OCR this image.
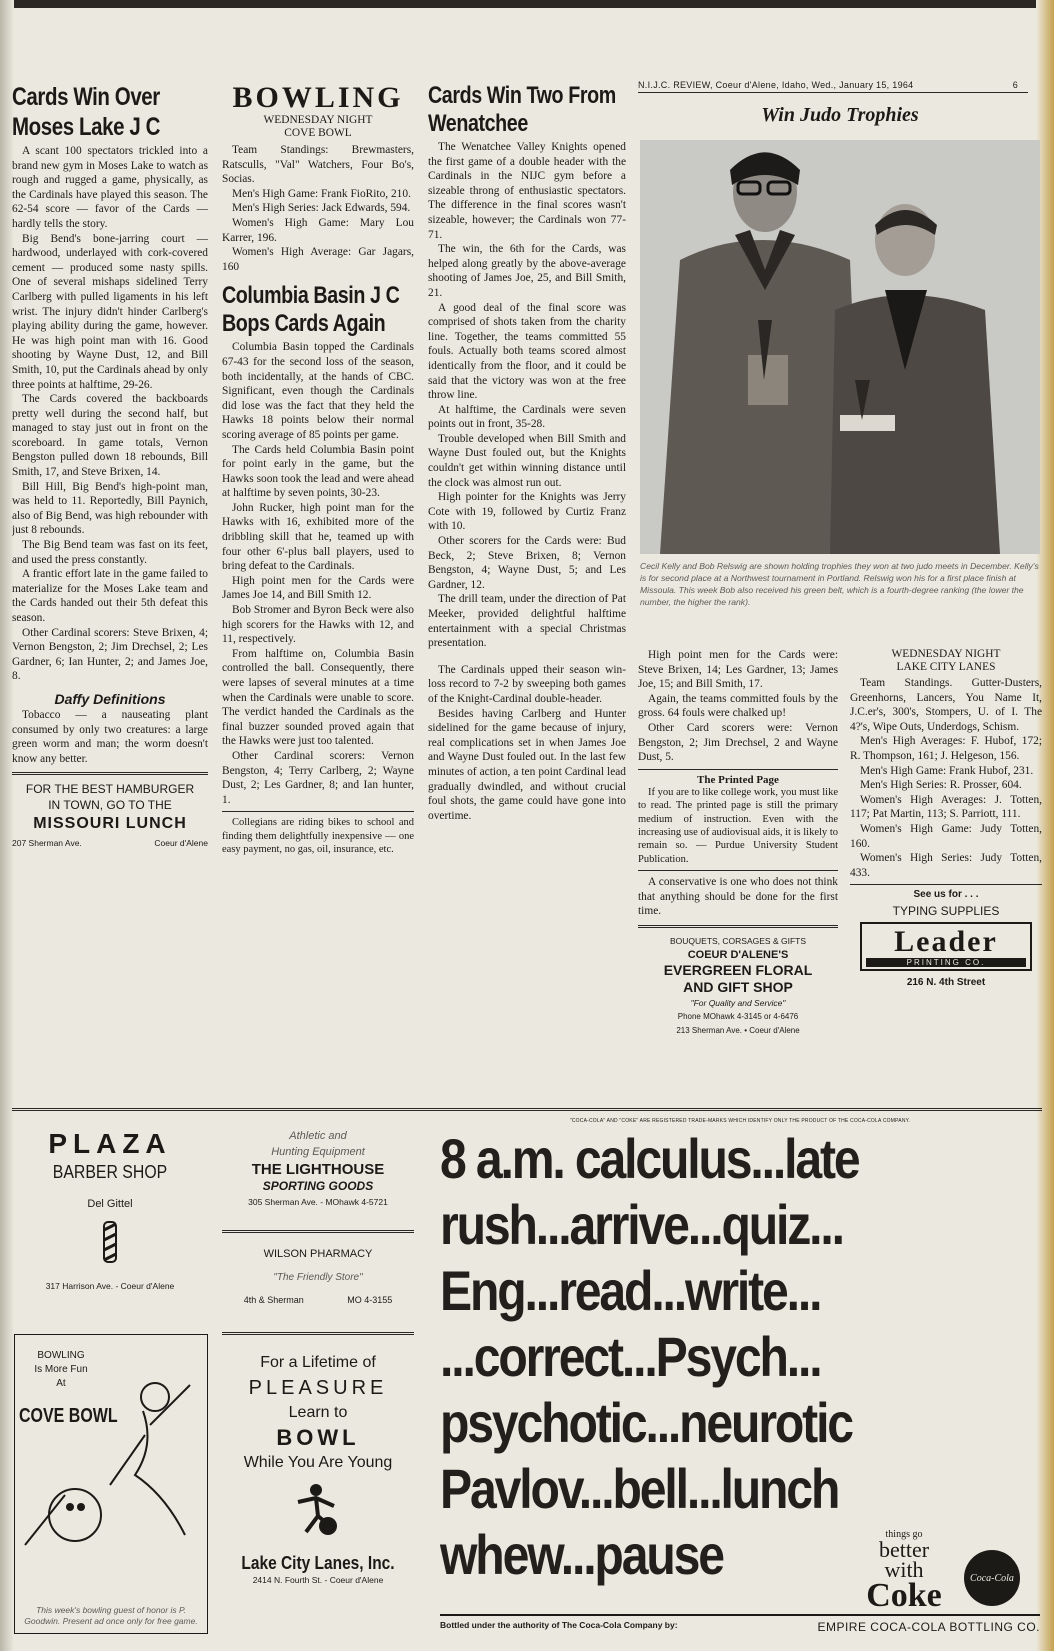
N.I.J.C. REVIEW, Coeur d'Alene, Idaho, Wed., January 15, 1964	6
Cards Win Over Moses Lake J C

A scant 100 spectators trickled into a brand new gym in Moses Lake to watch as rough and rugged a game, physically, as the Cardinals have played this season. The 62-54 score — favor of the Cards — hardly tells the story.

Big Bend's bone-jarring court — hardwood, underlayed with cork-covered cement — produced some nasty spills. One of several mishaps sidelined Terry Carlberg with pulled ligaments in his left wrist. The injury didn't hinder Carlberg's playing ability during the game, however. He was high point man with 16. Good shooting by Wayne Dust, 12, and Bill Smith, 10, put the Cardinals ahead by only three points at halftime, 29-26.

The Cards covered the backboards pretty well during the second half, but managed to stay just out in front on the scoreboard. In game totals, Vernon Bengston pulled down 18 rebounds, Bill Smith, 17, and Steve Brixen, 14.

Bill Hill, Big Bend's high-point man, was held to 11. Reportedly, Bill Paynich, also of Big Bend, was high rebounder with just 8 rebounds.

The Big Bend team was fast on its feet, and used the press constantly.

A frantic effort late in the game failed to materialize for the Moses Lake team and the Cards handed out their 5th defeat this season.

Other Cardinal scorers: Steve Brixen, 4; Vernon Bengston, 2; Jim Drechsel, 2; Les Gardner, 6; Ian Hunter, 2; and James Joe, 8.

Daffy Definitions

Tobacco — a nauseating plant consumed by only two creatures: a large green worm and man; the worm doesn't know any better.

FOR THE BEST HAMBURGER
IN TOWN, GO TO THE
MISSOURI LUNCH
207 Sherman Ave.	Coeur d'Alene
BOWLING
WEDNESDAY NIGHT
COVE BOWL

Team Standings: Brewmasters, Ratsculls, "Val" Watchers, Four Bo's, Socias.

Men's High Game: Frank FioRito, 210.

Men's High Series: Jack Edwards, 594.

Women's High Game: Mary Lou Karrer, 196.

Women's High Average: Gar Jagars, 160

Columbia Basin J C Bops Cards Again

Columbia Basin topped the Cardinals 67-43 for the second loss of the season, both incidentally, at the hands of CBC. Significant, even though the Cardinals did lose was the fact that they held the Hawks 18 points below their normal scoring average of 85 points per game.

The Cards held Columbia Basin point for point early in the game, but the Hawks soon took the lead and were ahead at halftime by seven points, 30-23.

John Rucker, high point man for the Hawks with 16, exhibited more of the dribbling skill that he, teamed up with four other 6'-plus ball players, used to bring defeat to the Cardinals.

High point men for the Cards were James Joe 14, and Bill Smith 12.

Bob Stromer and Byron Beck were also high scorers for the Hawks with 12, and 11, respectively.

From halftime on, Columbia Basin controlled the ball. Consequently, there were lapses of several minutes at a time when the Cardinals were unable to score. The verdict handed the Cardinals as the final buzzer sounded proved again that the Hawks were just too talented.

Other Cardinal scorers: Vernon Bengston, 4; Terry Carlberg, 2; Wayne Dust, 2; Les Gardner, 8; and Ian hunter, 1.

Collegians are riding bikes to school and finding them delightfully inexpensive — one easy payment, no gas, oil, insurance, etc.

Cards Win Two From Wenatchee

The Wenatchee Valley Knights opened the first game of a double header with the Cardinals in the NIJC gym before a sizeable throng of enthusiastic spectators. The difference in the final scores wasn't sizeable, however; the Cardinals won 77-71.

The win, the 6th for the Cards, was helped along greatly by the above-average shooting of James Joe, 25, and Bill Smith, 21.

A good deal of the final score was comprised of shots taken from the charity line. Together, the teams committed 55 fouls. Actually both teams scored almost identically from the floor, and it could be said that the victory was won at the free throw line.

At halftime, the Cardinals were seven points out in front, 35-28.

Trouble developed when Bill Smith and Wayne Dust fouled out, but the Knights couldn't get within winning distance until the clock was almost run out.

High pointer for the Knights was Jerry Cote with 19, followed by Curtiz Franz with 10.

Other scorers for the Cards were: Bud Beck, 2; Steve Brixen, 8; Vernon Bengston, 4; Wayne Dust, 5; and Les Gardner, 12.

The drill team, under the direction of Pat Meeker, provided delightful halftime entertainment with a special Christmas presentation.

The Cardinals upped their season win-loss record to 7-2 by sweeping both games of the Knight-Cardinal double-header.

Besides having Carlberg and Hunter sidelined for the game because of injury, real complications set in when James Joe and Wayne Dust fouled out. In the last few minutes of action, a ten point Cardinal lead gradually dwindled, and without crucial foul shots, the game could have gone into overtime.

Win Judo Trophies
Cecil Kelly and Bob Relswig are shown holding trophies they won at two judo meets in December. Kelly's is for second place at a Northwest tournament in Portland. Relswig won his for a first place finish at Missoula. This week Bob also received his green belt, which is a fourth-degree ranking (the lower the number, the higher the rank).

High point men for the Cards were: Steve Brixen, 14; Les Gardner, 13; James Joe, 15; and Bill Smith, 17.

Again, the teams committed fouls by the gross. 64 fouls were chalked up!

Other Card scorers were: Vernon Bengston, 2; Jim Drechsel, 2 and Wayne Dust, 5.

The Printed Page

If you are to like college work, you must like to read. The printed page is still the primary medium of instruction. Even with the increasing use of audiovisual aids, it is likely to remain so. — Purdue University Student Publication.

A conservative is one who does not think that anything should be done for the first time.

BOUQUETS, CORSAGES & GIFTS
COEUR D'ALENE'S
EVERGREEN FLORAL
AND GIFT SHOP
"For Quality and Service"
Phone MOhawk 4-3145 or 4-6476
213 Sherman Ave. • Coeur d'Alene
WEDNESDAY NIGHT
LAKE CITY LANES

Team Standings. Gutter-Dusters, Greenhorns, Lancers, You Name It, J.C.er's, 300's, Stompers, U. of I. The 4?'s, Wipe Outs, Underdogs, Schism.

Men's High Averages: F. Hubof, 172; R. Thompson, 161; J. Helgeson, 156.

Men's High Game: Frank Hubof, 231.

Men's High Series: R. Prosser, 604.

Women's High Averages: J. Totten, 117; Pat Martin, 113; S. Parriott, 111.

Women's High Game: Judy Totten, 160.

Women's High Series: Judy Totten, 433.

See us for . . .
TYPING SUPPLIES
Leader
PRINTING CO.
216 N. 4th Street
PLAZA
BARBER SHOP
Del Gittel
317 Harrison Ave. - Coeur d'Alene
BOWLING
Is More Fun
At
COVE BOWL
This week's bowling guest of honor is P. Goodwin. Present ad once only for free game.
Athletic and
Hunting Equipment
THE LIGHTHOUSE
SPORTING GOODS
305 Sherman Ave. - MOhawk 4-5721
WILSON PHARMACY
"The Friendly Store"
4th & Sherman	MO 4-3155
For a Lifetime of
PLEASURE
Learn to
BOWL
While You Are Young
Lake City Lanes, Inc.
2414 N. Fourth St. - Coeur d'Alene
"COCA-COLA" AND "COKE" ARE REGISTERED TRADE-MARKS WHICH IDENTIFY ONLY THE PRODUCT OF THE COCA-COLA COMPANY.
8 a.m. calculus...late
rush...arrive...quiz...
Eng...read...write...
...correct...Psych...
psychotic...neurotic
Pavlov...bell...lunch
whew...pause	things go
better
with
Coke	Coca-Cola
Bottled under the authority of The Coca-Cola Company by:	EMPIRE COCA-COLA BOTTLING CO.
